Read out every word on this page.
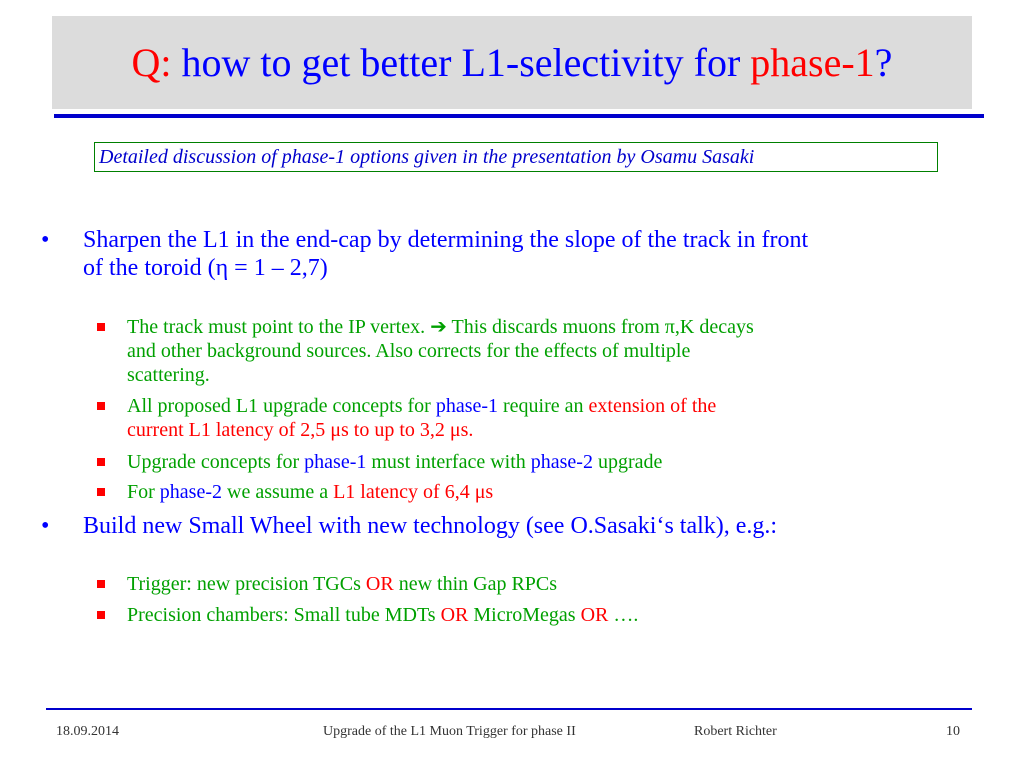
Q: how to get better L1-selectivity for phase-1?
Detailed discussion of phase-1 options given in the presentation by Osamu Sasaki
• Sharpen the L1 in the end-cap by determining the slope of the track in front
of the toroid (η = 1 – 2,7)
The track must point to the IP vertex. ➔ This discards muons from π,K decays
and other background sources. Also corrects for the effects of multiple
scattering.
All proposed L1 upgrade concepts for phase-1 require an extension of the
current L1 latency of 2,5 μs to up to 3,2 μs.
Upgrade concepts for phase-1 must interface with phase-2 upgrade
For phase-2 we assume a L1 latency of 6,4 μs
• Build new Small Wheel with new technology (see O.Sasaki‘s talk), e.g.:
Trigger: new precision TGCs OR new thin Gap RPCs
Precision chambers: Small tube MDTs OR MicroMegas OR ….
18.09.2014	Upgrade of the L1 Muon Trigger for phase II	Robert Richter	10
